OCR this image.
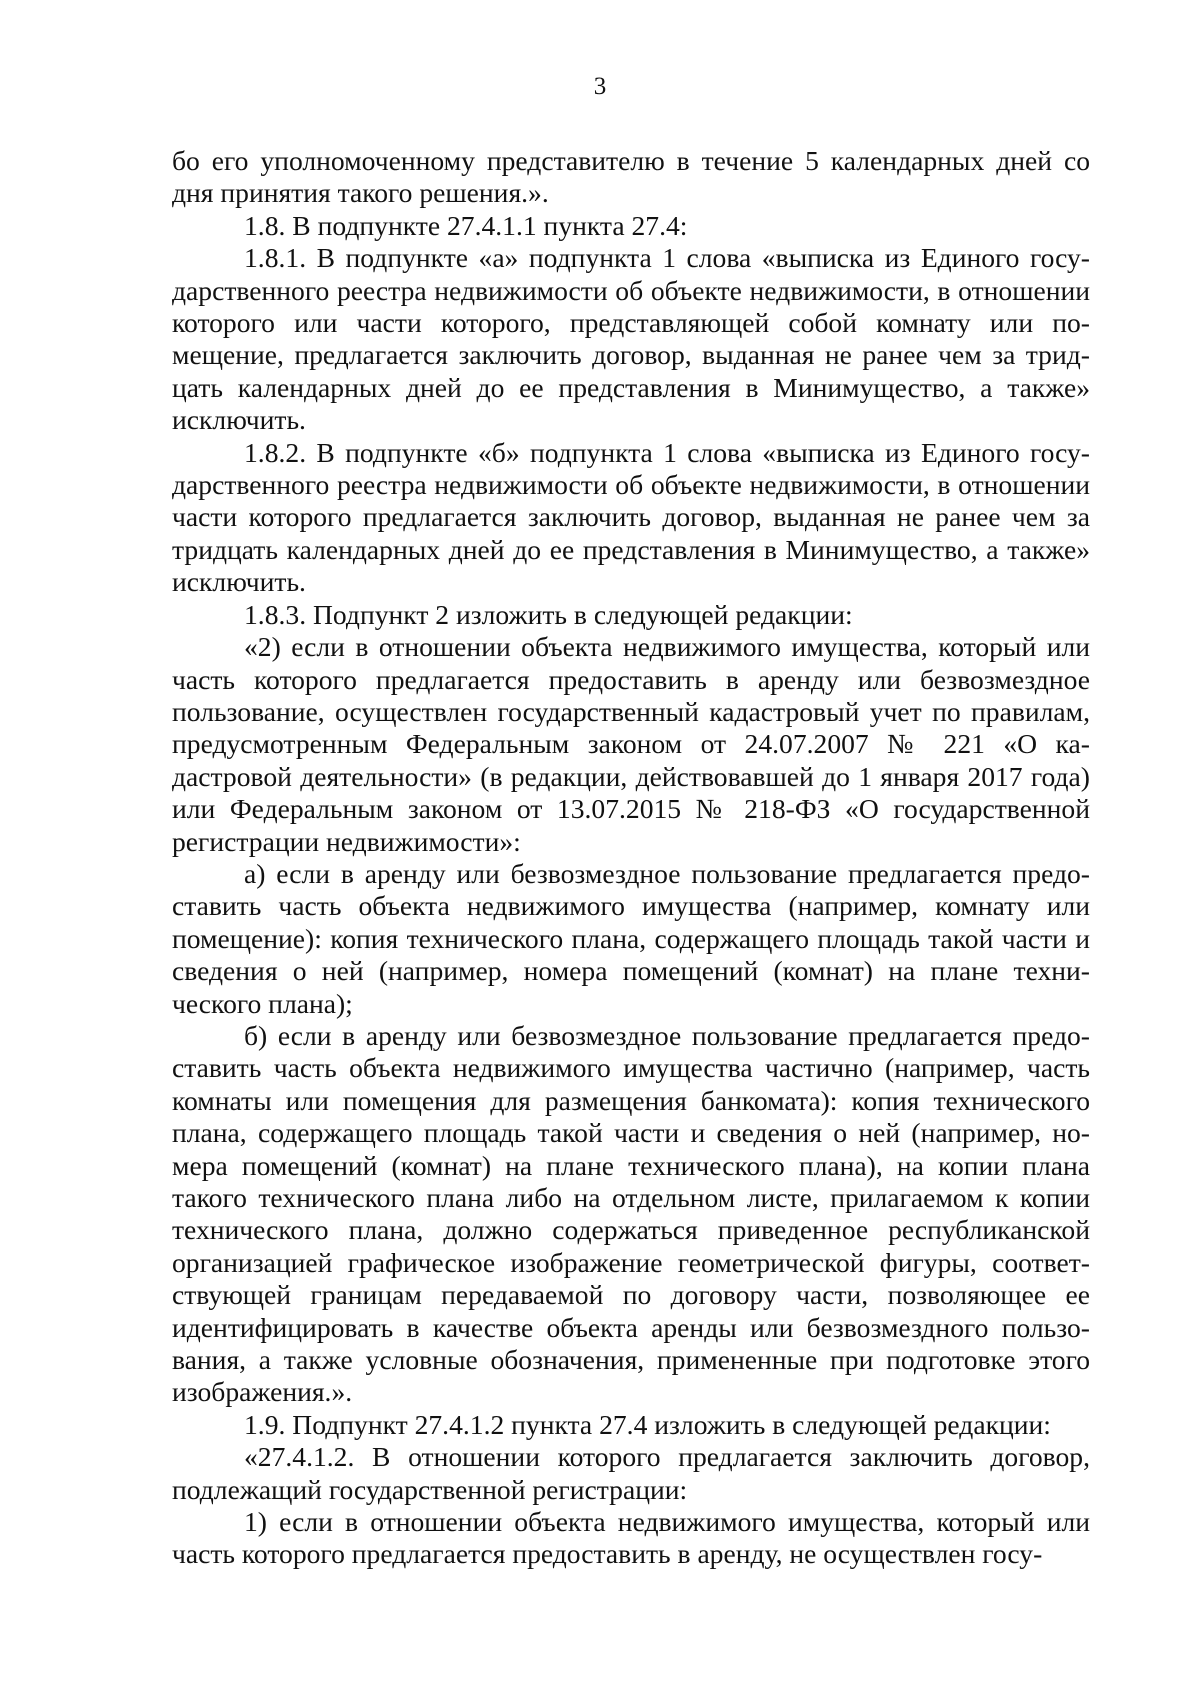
3

бо его уполномоченному представителю в течение 5 календарных дней со дня принятия такого решения.».

1.8. В подпункте 27.4.1.1 пункта 27.4:

1.8.1. В подпункте «а» подпункта 1 слова «выписка из Единого государственного реестра недвижимости об объекте недвижимости, в отношении которого или части которого, представляющей собой комнату или помещение, предлагается заключить договор, выданная не ранее чем за тридцать календарных дней до ее представления в Минимущество, а также» исключить.

1.8.2. В подпункте «б» подпункта 1 слова «выписка из Единого государственного реестра недвижимости об объекте недвижимости, в отношении части которого предлагается заключить договор, выданная не ранее чем за тридцать календарных дней до ее представления в Минимущество, а также» исключить.

1.8.3. Подпункт 2 изложить в следующей редакции:

«2) если в отношении объекта недвижимого имущества, который или часть которого предлагается предоставить в аренду или безвозмездное пользование, осуществлен государственный кадастровый учет по правилам, предусмотренным Федеральным законом от 24.07.2007 № 221 «О кадастровой деятельности» (в редакции, действовавшей до 1 января 2017 года) или Федеральным законом от 13.07.2015 № 218-ФЗ «О государственной регистрации недвижимости»:

а) если в аренду или безвозмездное пользование предлагается предоставить часть объекта недвижимого имущества (например, комнату или помещение): копия технического плана, содержащего площадь такой части и сведения о ней (например, номера помещений (комнат) на плане технического плана);

б) если в аренду или безвозмездное пользование предлагается предоставить часть объекта недвижимого имущества частично (например, часть комнаты или помещения для размещения банкомата): копия технического плана, содержащего площадь такой части и сведения о ней (например, номера помещений (комнат) на плане технического плана), на копии плана такого технического плана либо на отдельном листе, прилагаемом к копии технического плана, должно содержаться приведенное республиканской организацией графическое изображение геометрической фигуры, соответствующей границам передаваемой по договору части, позволяющее ее идентифицировать в качестве объекта аренды или безвозмездного пользования, а также условные обозначения, примененные при подготовке этого изображения.».

1.9. Подпункт 27.4.1.2 пункта 27.4 изложить в следующей редакции:

«27.4.1.2. В отношении которого предлагается заключить договор, подлежащий государственной регистрации:

1) если в отношении объекта недвижимого имущества, который или часть которого предлагается предоставить в аренду, не осуществлен госу-
